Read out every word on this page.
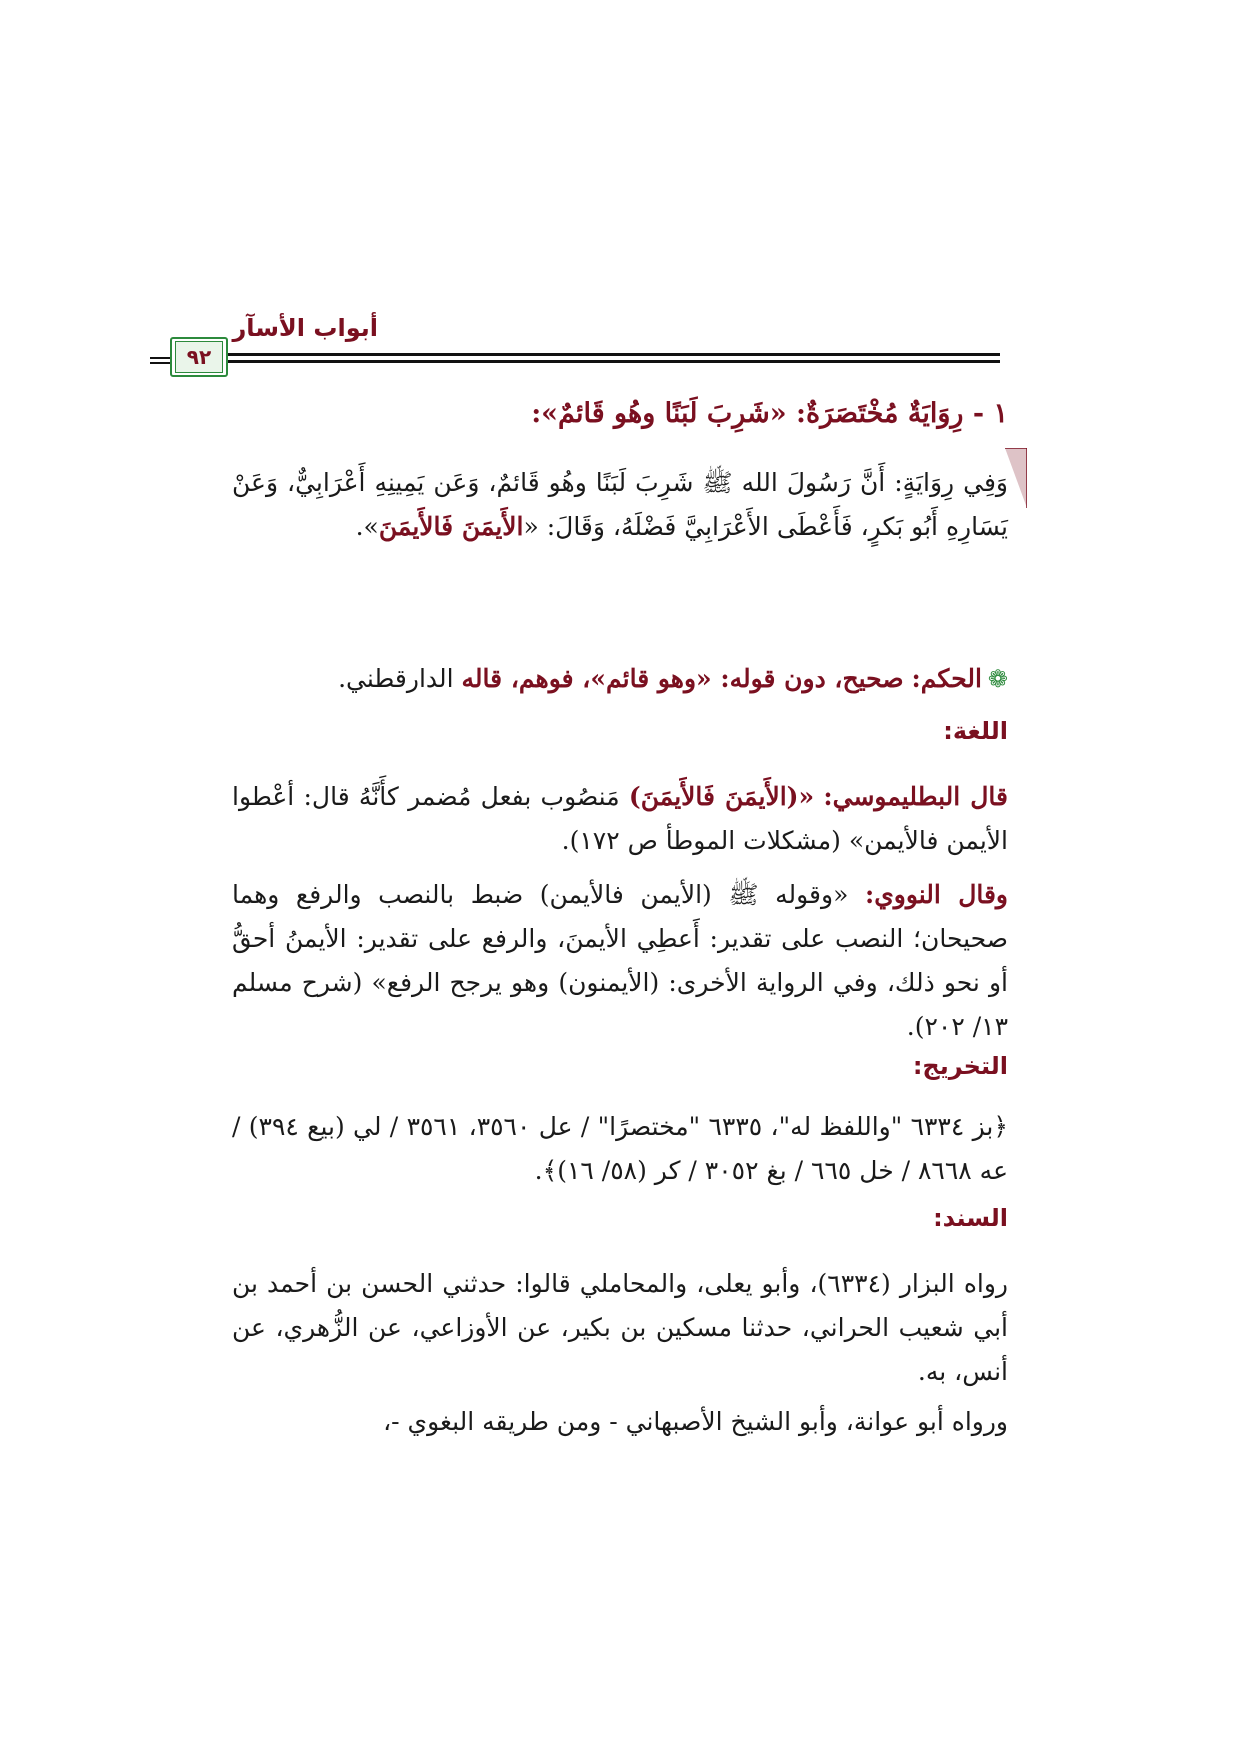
أبواب الأسآر
٩٢
١ - رِوَايَةٌ مُخْتَصَرَةٌ: «شَرِبَ لَبَنًا وهُو قَائمٌ»:
وَفِي رِوَايَةٍ: أَنَّ رَسُولَ الله ﷺ شَرِبَ لَبَنًا وهُو قَائمٌ، وَعَن يَمِينِهِ أَعْرَابِيٌّ، وَعَنْ يَسَارِهِ أَبُو بَكرٍ، فَأَعْطَى الأَعْرَابِيَّ فَضْلَهُ، وَقَالَ: «الأَيمَنَ فَالأَيمَنَ».
❁الحكم: صحيح، دون قوله: «وهو قائم»، فوهم، قاله الدارقطني.
اللغة:
قال البطليموسي: «(الأَيمَنَ فَالأَيمَنَ) مَنصُوب بفعل مُضمر كأَنَّهُ قال: أعْطوا الأيمن فالأيمن» (مشكلات الموطأ ص ١٧٢).
وقال النووي: «وقوله ﷺ (الأيمن فالأيمن) ضبط بالنصب والرفع وهما صحيحان؛ النصب على تقدير: أَعطِي الأيمنَ، والرفع على تقدير: الأيمنُ أحقُّ أو نحو ذلك، وفي الرواية الأخرى: (الأيمنون) وهو يرجح الرفع» (شرح مسلم ١٣/ ٢٠٢).
التخريج:
﴿بز ٦٣٣٤ "واللفظ له"، ٦٣٣٥ "مختصرًا" / عل ٣٥٦٠، ٣٥٦١ / لي (بيع ٣٩٤) / عه ٨٦٦٨ / خل ٦٦٥ / بغ ٣٠٥٢ / كر (٥٨/ ١٦)﴾.
السند:
رواه البزار (٦٣٣٤)، وأبو يعلى، والمحاملي قالوا: حدثني الحسن بن أحمد بن أبي شعيب الحراني، حدثنا مسكين بن بكير، عن الأوزاعي، عن الزُّهري، عن أنس، به.
ورواه أبو عوانة، وأبو الشيخ الأصبهاني - ومن طريقه البغوي -،
